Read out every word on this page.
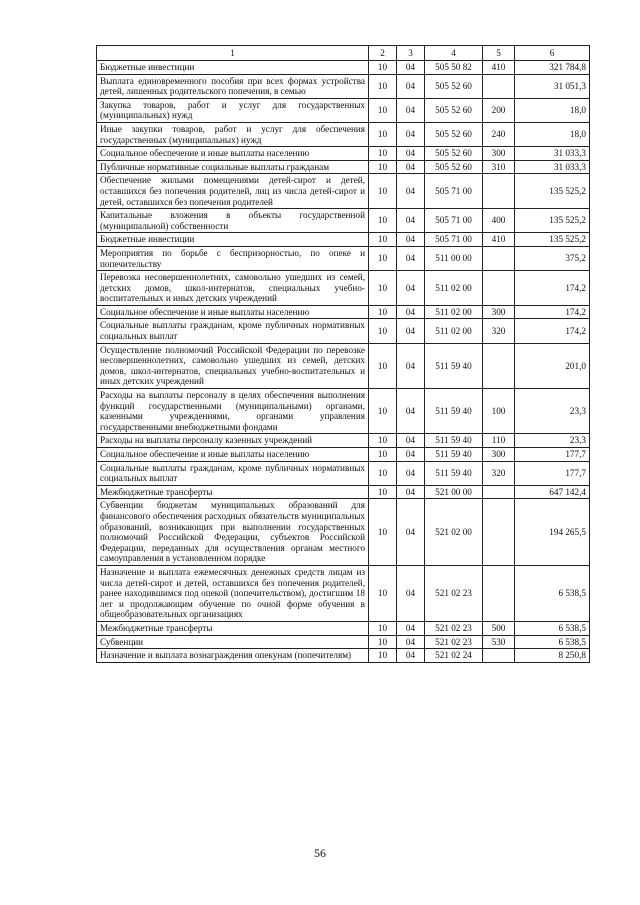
1	2	3	4	5	6
Бюджетные инвестиции	10	04	505 50 82	410	321 784,8
Выплата единовременного пособия при всех формах устройства детей, лишенных родительского попечения, в семью	10	04	505 52 60		31 051,3
Закупка товаров, работ и услуг для государственных (муниципальных) нужд	10	04	505 52 60	200	18,0
Иные закупки товаров, работ и услуг для обеспечения государственных (муниципальных) нужд	10	04	505 52 60	240	18,0
Социальное обеспечение и иные выплаты населению	10	04	505 52 60	300	31 033,3
Публичные нормативные социальные выплаты гражданам	10	04	505 52 60	310	31 033,3
Обеспечение жилыми помещениями детей-сирот и детей, оставшихся без попечения родителей, лиц из числа детей-сирот и детей, оставшихся без попечения родителей	10	04	505 71 00		135 525,2
Капитальные вложения в объекты государственной (муниципальной) собственности	10	04	505 71 00	400	135 525,2
Бюджетные инвестиции	10	04	505 71 00	410	135 525,2
Мероприятия по борьбе с беспризорностью, по опеке и попечительству	10	04	511 00 00		375,2
Перевозка несовершеннолетних, самовольно ушедших из семей, детских домов, школ-интернатов, специальных учебно-воспитательных и иных детских учреждений	10	04	511 02 00		174,2
Социальное обеспечение и иные выплаты населению	10	04	511 02 00	300	174,2
Социальные выплаты гражданам, кроме публичных нормативных социальных выплат	10	04	511 02 00	320	174,2
Осуществление полномочий Российской Федерации по перевозке несовершеннолетних, самовольно ушедших из семей, детских домов, школ-интернатов, специальных учебно-воспитательных и иных детских учреждений	10	04	511 59 40		201,0
Расходы на выплаты персоналу в целях обеспечения выполнения функций государственными (муниципальными) органами, казенными учреждениями, органами управления государственными внебюджетными фондами	10	04	511 59 40	100	23,3
Расходы на выплаты персоналу казенных учреждений	10	04	511 59 40	110	23,3
Социальное обеспечение и иные выплаты населению	10	04	511 59 40	300	177,7
Социальные выплаты гражданам, кроме публичных нормативных социальных выплат	10	04	511 59 40	320	177,7
Межбюджетные трансферты	10	04	521 00 00		647 142,4
Субвенции бюджетам муниципальных образований для финансового обеспечения расходных обязательств муниципальных образований, возникающих при выполнении государственных полномочий Российской Федерации, субъектов Российской Федерации, переданных для осуществления органам местного самоуправления в установленном порядке	10	04	521 02 00		194 265,5
Назначение и выплата ежемесячных денежных средств лицам из числа детей-сирот и детей, оставшихся без попечения родителей, ранее находившимся под опекой (попечительством), достигшим 18 лет и продолжающим обучение по очной форме обучения в общеобразовательных организациях	10	04	521 02 23		6 538,5
Межбюджетные трансферты	10	04	521 02 23	500	6 538,5
Субвенции	10	04	521 02 23	530	6 538,5
Назначение и выплата вознаграждения опекунам (попечителям)	10	04	521 02 24		8 250,8
56
